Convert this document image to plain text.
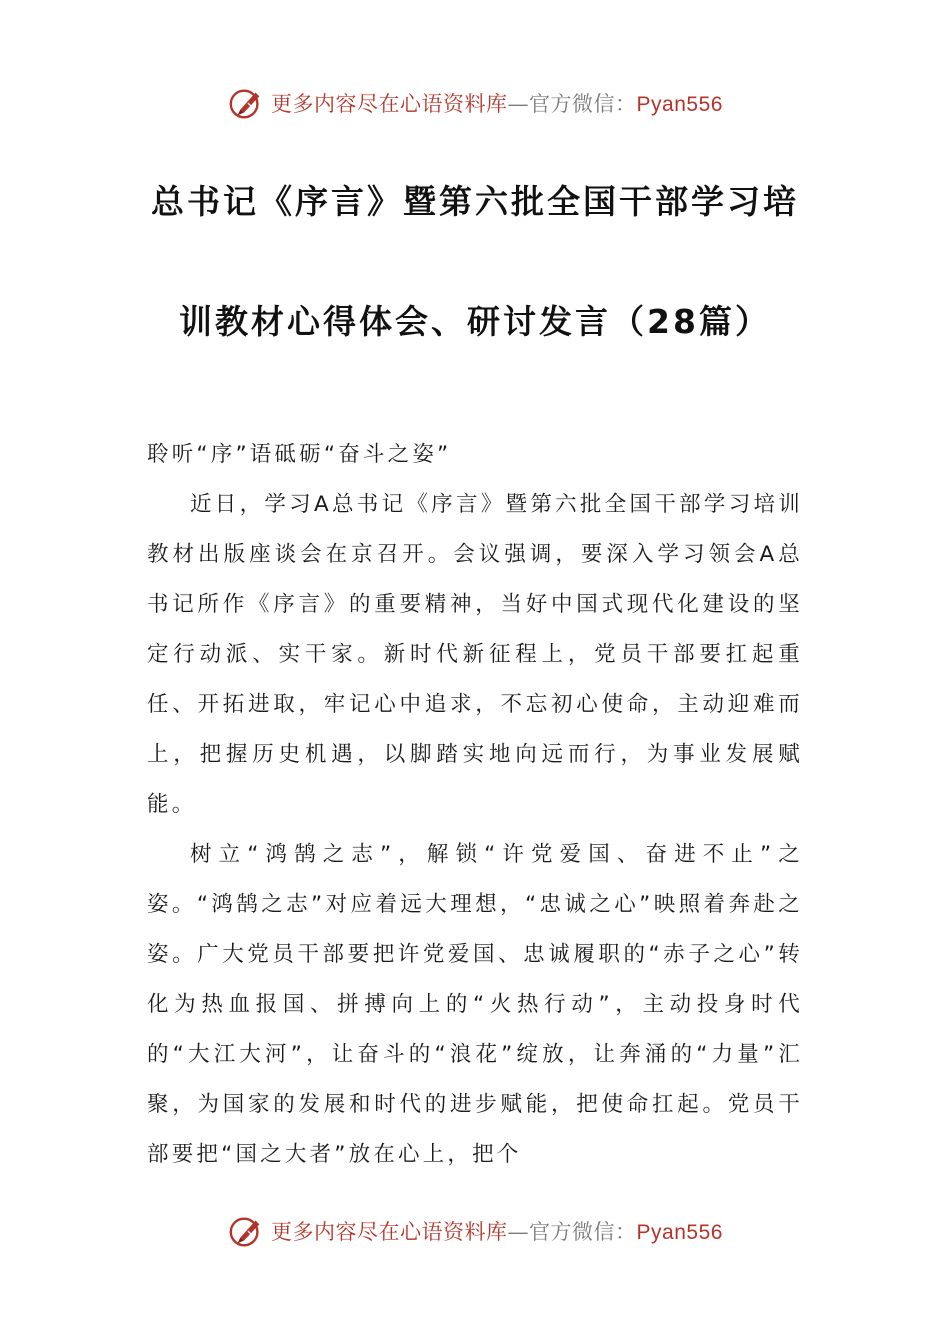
更多内容尽在心语资料库—官方微信：Pyan556
总书记《序言》暨第六批全国干部学习培
训教材心得体会、研讨发言（28篇）

聆听“序”语砥砺“奋斗之姿”

近日，学习A总书记《序言》暨第六批全国干部学习培训教材出版座谈会在京召开。会议强调，要深入学习领会A总书记所作《序言》的重要精神，当好中国式现代化建设的坚定行动派、实干家。新时代新征程上，党员干部要扛起重任、开拓进取，牢记心中追求，不忘初心使命，主动迎难而上，把握历史机遇，以脚踏实地向远而行，为事业发展赋能。

树立“鸿鹄之志”，解锁“许党爱国、奋进不止”之姿。“鸿鹄之志”对应着远大理想，“忠诚之心”映照着奔赴之姿。广大党员干部要把许党爱国、忠诚履职的“赤子之心”转化为热血报国、拼搏向上的“火热行动”，主动投身时代的“大江大河”，让奋斗的“浪花”绽放，让奔涌的“力量”汇聚，为国家的发展和时代的进步赋能，把使命扛起。党员干部要把“国之大者”放在心上，把个

更多内容尽在心语资料库—官方微信：Pyan556
